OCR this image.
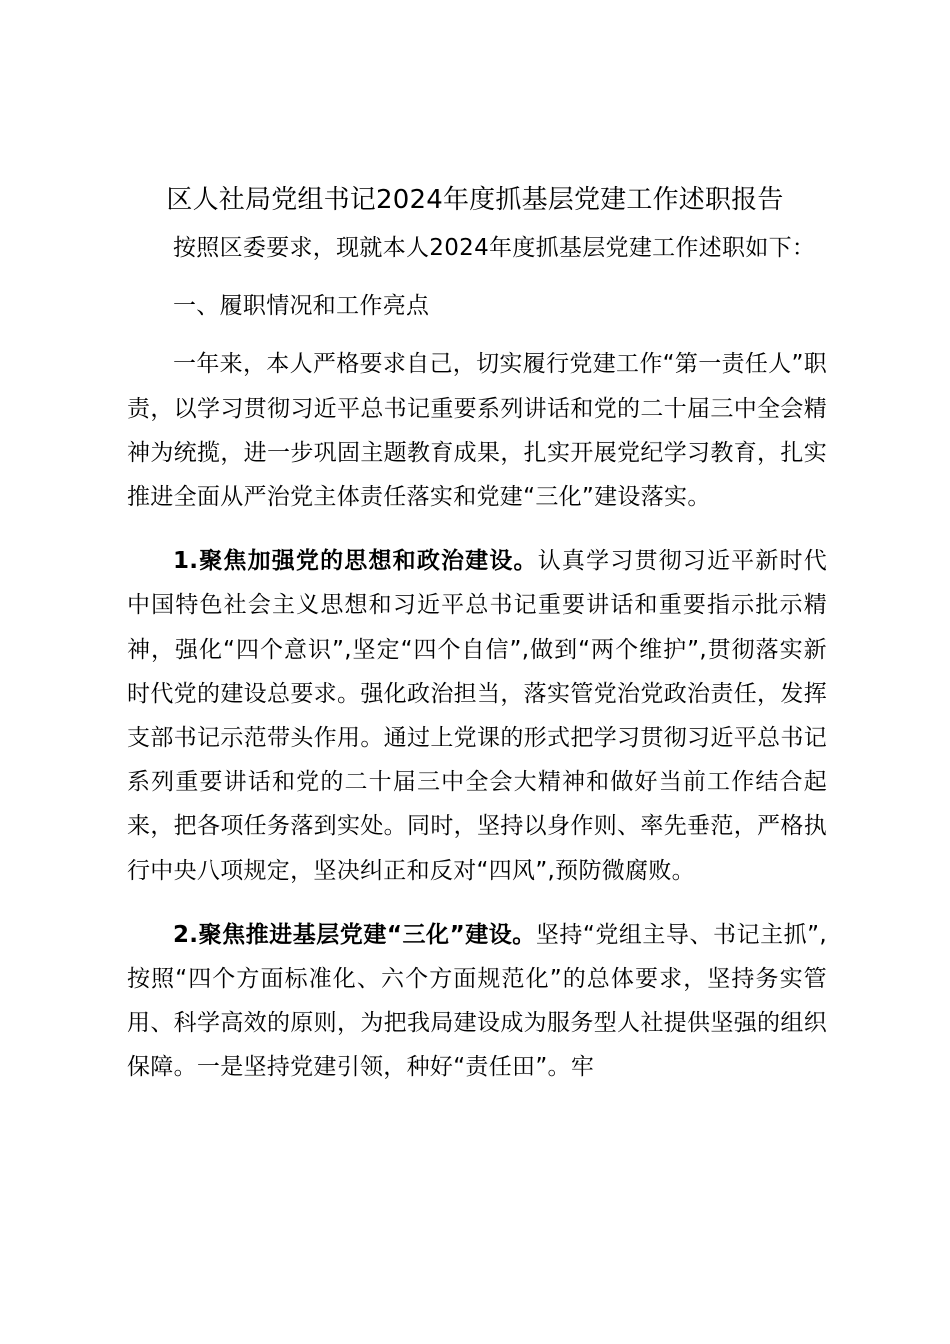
区人社局党组书记2024年度抓基层党建工作述职报告

按照区委要求，现就本人2024年度抓基层党建工作述职如下：

一、履职情况和工作亮点

一年来，本人严格要求自己，切实履行党建工作“第一责任人”职责，以学习贯彻习近平总书记重要系列讲话和党的二十届三中全会精神为统揽，进一步巩固主题教育成果，扎实开展党纪学习教育，扎实推进全面从严治党主体责任落实和党建“三化”建设落实。

1.聚焦加强党的思想和政治建设。认真学习贯彻习近平新时代中国特色社会主义思想和习近平总书记重要讲话和重要指示批示精神，强化“四个意识”,坚定“四个自信”,做到“两个维护”,贯彻落实新时代党的建设总要求。强化政治担当，落实管党治党政治责任，发挥支部书记示范带头作用。通过上党课的形式把学习贯彻习近平总书记系列重要讲话和党的二十届三中全会大精神和做好当前工作结合起来，把各项任务落到实处。同时，坚持以身作则、率先垂范，严格执行中央八项规定，坚决纠正和反对“四风”,预防微腐败。

2.聚焦推进基层党建“三化”建设。坚持“党组主导、书记主抓”,按照“四个方面标准化、六个方面规范化”的总体要求，坚持务实管用、科学高效的原则，为把我局建设成为服务型人社提供坚强的组织保障。一是坚持党建引领，种好“责任田”。牢
